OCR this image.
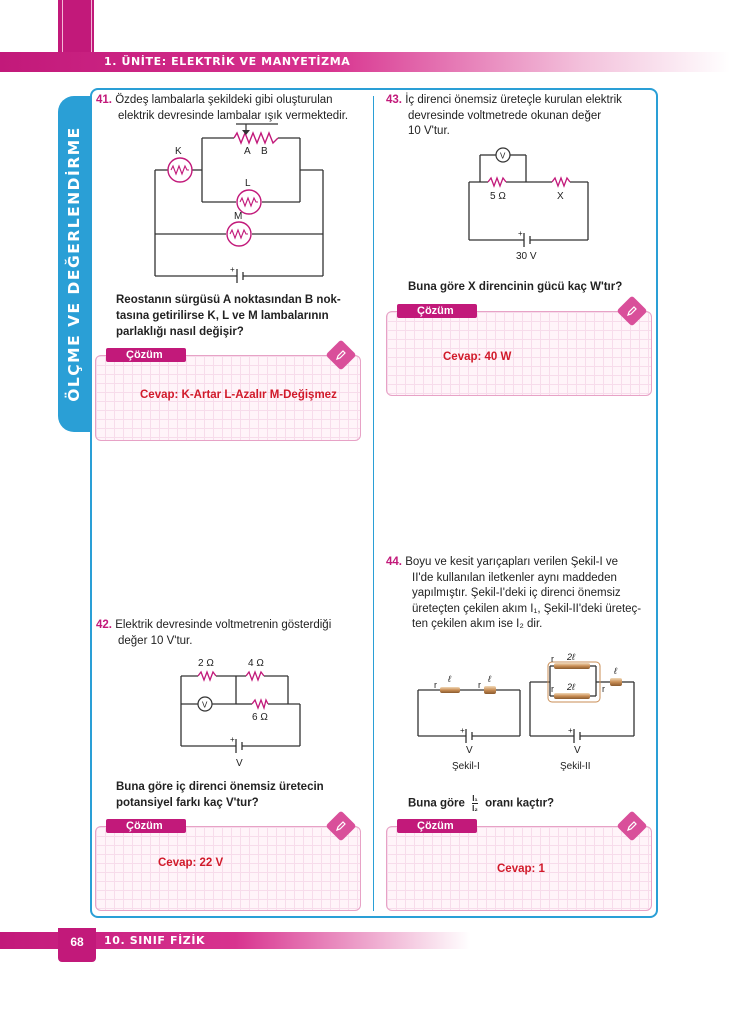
1. ÜNİTE: ELEKTRİK VE MANYETİZMA
ÖLÇME VE DEĞERLENDİRME
41. Özdeş lambalarla şekildeki gibi oluşturulan
elektrik devresinde lambalar ışık vermektedir.
K	A B
L
M
+
Reostanın sürgüsü A noktasından B nok-
tasına getirilirse K, L ve M lambalarının
parlaklığı nasıl değişir?
Çözüm
Cevap: K-Artar L-Azalır M-Değişmez
42. Elektrik devresinde voltmetrenin gösterdiği
değer 10 V'tur.
V
2 Ω	4 Ω
6 Ω
+
V
Buna göre iç direnci önemsiz üretecin
potansiyel farkı kaç V'tur?
Çözüm
Cevap: 22 V
43. İç direnci önemsiz üreteçle kurulan elektrik
devresinde voltmetrede okunan değer
10 V'tur.
V
5 Ω	X
+
30 V
Buna göre X direncinin gücü kaç W'tır?
Çözüm
Cevap: 40 W
44. Boyu ve kesit yarıçapları verilen Şekil-I ve
II'de kullanılan iletkenler aynı maddeden
yapılmıştır. Şekil-I'deki iç direnci önemsiz
üreteçten çekilen akım I₁, Şekil-II'deki üreteç-
ten çekilen akım ise I₂ dir.
r
ℓ
r
ℓ
+
V
Şekil-I
r 2ℓ
r 2ℓ	r
ℓ
+
V
Şekil-II
Buna göre $\frac{\text{I₁}}{\text{I₂}}$ oranı kaçtır?
Çözüm
Cevap: 1
68	10. SINIF FİZİK
